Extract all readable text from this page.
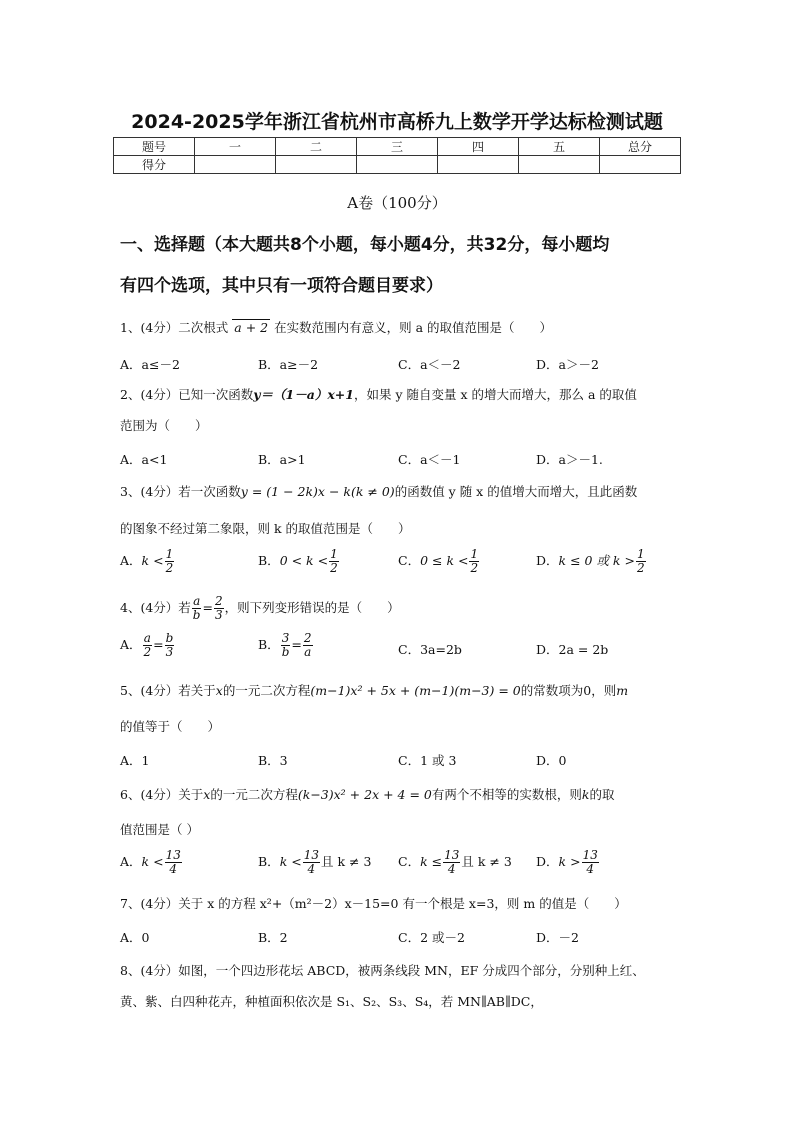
2024-2025学年浙江省杭州市高桥九上数学开学达标检测试题
题号	一	二	三	四	五	总分
得分						
A卷（100分）
一、选择题（本大题共8个小题，每小题4分，共32分，每小题均
有四个选项，其中只有一项符合题目要求）
1、(4分）二次根式 a + 2 在实数范围内有意义，则 a 的取值范围是（　　）
A．a≤－2	B．a≥－2	C．a＜－2	D．a＞－2
2、(4分）已知一次函数y＝（1－a）x+1，如果 y 随自变量 x 的增大而增大，那么 a 的取值
范围为（　　）
A．a<1	B．a>1	C．a＜－1	D．a＞－1.
3、(4分）若一次函数y = (1 − 2k)x − k(k ≠ 0)的函数值 y 随 x 的值增大而增大，且此函数
的图象不经过第二象限，则 k 的取值范围是（　　）
A．$k < \frac{1}{2}$	B．$0 < k < \frac{1}{2}$	C．$0 \le k < \frac{1}{2}$	D．k ≤ 0 或 $k > \frac{1}{2}$
4、(4分）若 $\frac{a}{b} = \frac{2}{3}$ ，则下列变形错误的是（　　）
A． $\frac{a}{2} = \frac{b}{3}$	B． $\frac{3}{b} = \frac{2}{a}$	C．3a=2b	D．2a = 2b
5、(4分）若关于x的一元二次方程(m−1)x² + 5x + (m−1)(m−3) = 0的常数项为0，则m
的值等于（　　）
A．1	B．3	C．1 或 3	D．0
6、(4分）关于x的一元二次方程(k−3)x² + 2x + 4 = 0有两个不相等的实数根，则k的取
值范围是（ ）
A．$k < \frac{13}{4}$	B．$k < \frac{13}{4}$ 且 k ≠ 3 C．$k \le \frac{13}{4}$ 且 k ≠ 3 D．$k > \frac{13}{4}$
7、(4分）关于 x 的方程 x²+（m²－2）x－15=0 有一个根是 x=3，则 m 的值是（　　）
A．0	B．2	C．2 或－2	D．－2
8、(4分）如图，一个四边形花坛 ABCD，被两条线段 MN，EF 分成四个部分，分别种上红、
黄、紫、白四种花卉，种植面积依次是 S₁、S₂、S₃、S₄，若 MN∥AB∥DC，
